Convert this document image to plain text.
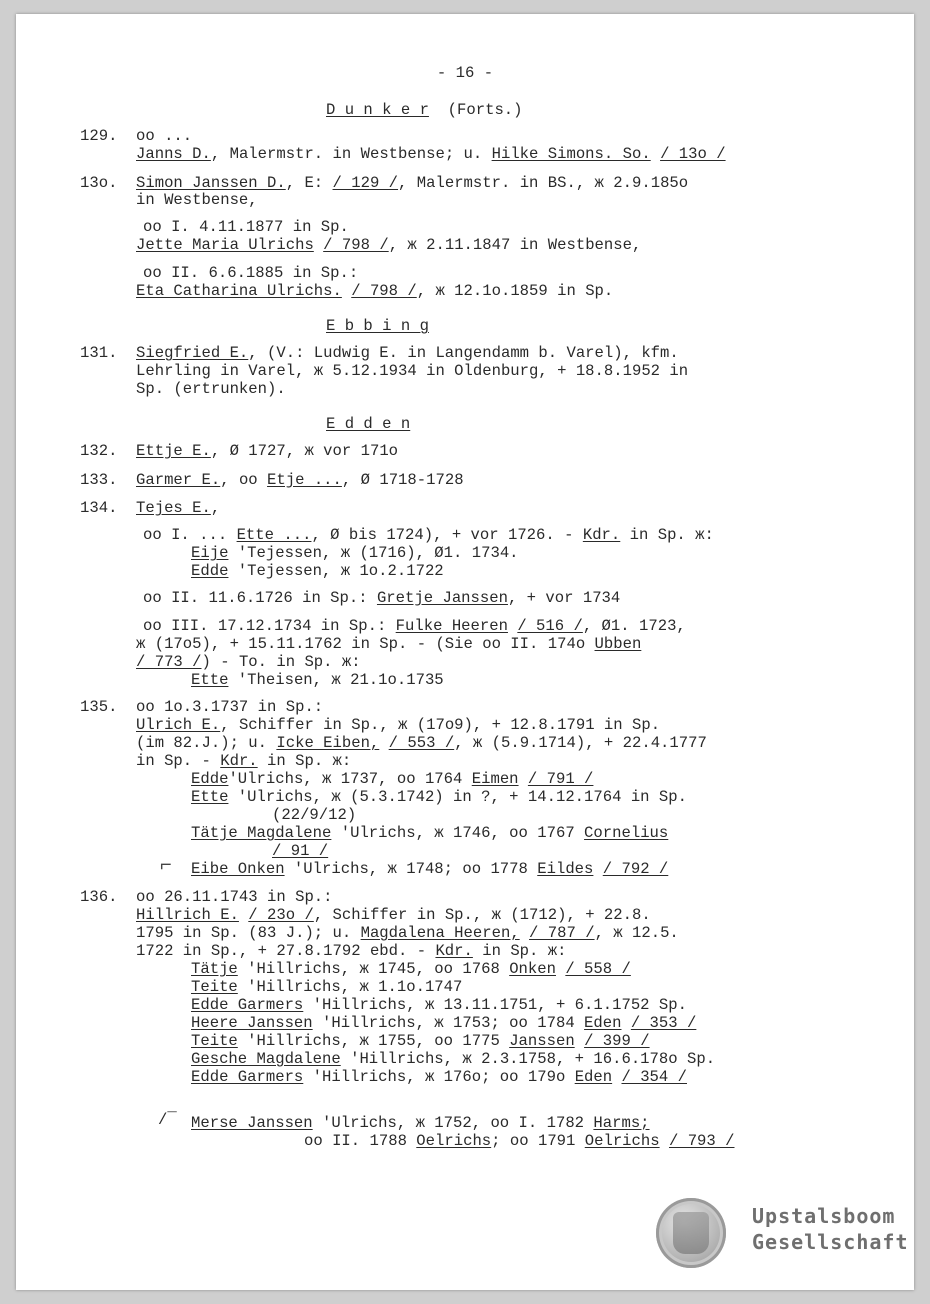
- 16 -
D u n k e r (Forts.)
129. oo ...
Janns D., Malermstr. in Westbense; u. Hilke Simons. So. / 13o /
13o. Simon Janssen D., E: / 129 /, Malermstr. in BS., ж 2.9.185o
in Westbense,
oo I. 4.11.1877 in Sp.
Jette Maria Ulrichs / 798 /, ж 2.11.1847 in Westbense,
oo II. 6.6.1885 in Sp.:
Eta Catharina Ulrichs. / 798 /, ж 12.1o.1859 in Sp.
E b b i n g
131. Siegfried E., (V.: Ludwig E. in Langendamm b. Varel), kfm.
Lehrling in Varel, ж 5.12.1934 in Oldenburg, + 18.8.1952 in
Sp. (ertrunken).
E d d e n
132. Ettje E., Ø 1727, ж vor 171o
133. Garmer E., oo Etje ..., Ø 1718-1728
134. Tejes E.,
oo I. ... Ette ..., Ø bis 1724), + vor 1726. - Kdr. in Sp. ж:
Eije 'Tejessen, ж (1716), Ø1. 1734.
Edde 'Tejessen, ж 1o.2.1722
oo II. 11.6.1726 in Sp.: Gretje Janssen, + vor 1734
oo III. 17.12.1734 in Sp.: Fulke Heeren / 516 /, Ø1. 1723,
ж (17o5), + 15.11.1762 in Sp. - (Sie oo II. 174o Ubben
/ 773 /) - To. in Sp. ж:
Ette 'Theisen, ж 21.1o.1735
135. oo 1o.3.1737 in Sp.:
Ulrich E., Schiffer in Sp., ж (17o9), + 12.8.1791 in Sp.
(im 82.J.); u. Icke Eiben, / 553 /, ж (5.9.1714), + 22.4.1777
in Sp. - Kdr. in Sp. ж:
Edde'Ulrichs, ж 1737, oo 1764 Eimen / 791 /
Ette 'Ulrichs, ж (5.3.1742) in ?, + 14.12.1764 in Sp.
(22/9/12)
Tätje Magdalene 'Ulrichs, ж 1746, oo 1767 Cornelius
/ 91 /
⌐ Eibe Onken 'Ulrichs, ж 1748; oo 1778 Eildes / 792 /
136. oo 26.11.1743 in Sp.:
Hillrich E. / 23o /, Schiffer in Sp., ж (1712), + 22.8.
1795 in Sp. (83 J.); u. Magdalena Heeren, / 787 /, ж 12.5.
1722 in Sp., + 27.8.1792 ebd. - Kdr. in Sp. ж:
Tätje 'Hillrichs, ж 1745, oo 1768 Onken / 558 /
Teite 'Hillrichs, ж 1.1o.1747
Edde Garmers 'Hillrichs, ж 13.11.1751, + 6.1.1752 Sp.
Heere Janssen 'Hillrichs, ж 1753; oo 1784 Eden / 353 /
Teite 'Hillrichs, ж 1755, oo 1775 Janssen / 399 /
Gesche Magdalene 'Hillrichs, ж 2.3.1758, + 16.6.178o Sp.
Edde Garmers 'Hillrichs, ж 176o; oo 179o Eden / 354 /
/¯ Merse Janssen 'Ulrichs, ж 1752, oo I. 1782 Harms;
oo II. 1788 Oelrichs; oo 1791 Oelrichs / 793 /
Upstalsboom
Gesellschaft
